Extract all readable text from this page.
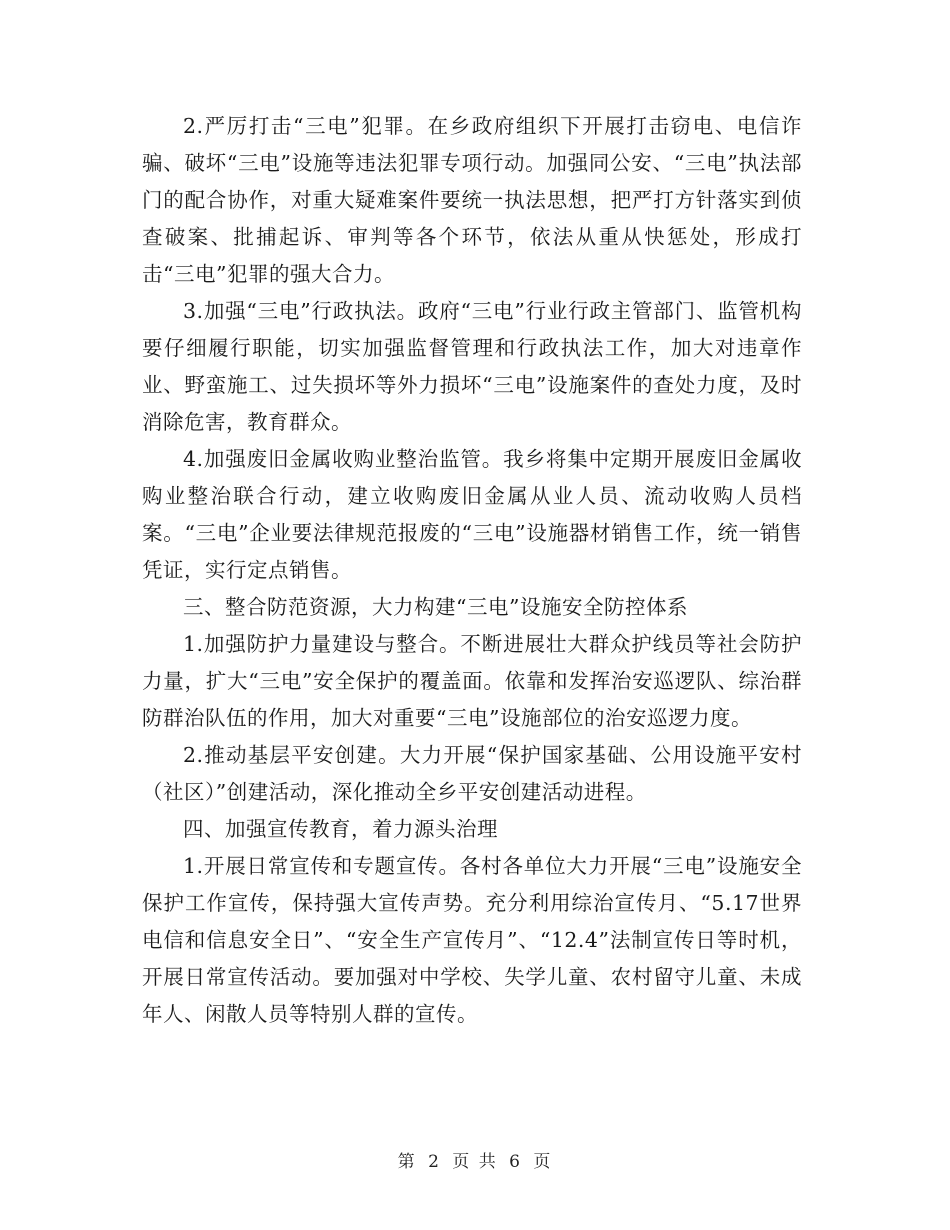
2.严厉打击“三电”犯罪。在乡政府组织下开展打击窃电、电信诈骗、破坏“三电”设施等违法犯罪专项行动。加强同公安、“三电”执法部门的配合协作，对重大疑难案件要统一执法思想，把严打方针落实到侦查破案、批捕起诉、审判等各个环节，依法从重从快惩处，形成打击“三电”犯罪的强大合力。

3.加强“三电”行政执法。政府“三电”行业行政主管部门、监管机构要仔细履行职能，切实加强监督管理和行政执法工作，加大对违章作业、野蛮施工、过失损坏等外力损坏“三电”设施案件的查处力度，及时消除危害，教育群众。

4.加强废旧金属收购业整治监管。我乡将集中定期开展废旧金属收购业整治联合行动，建立收购废旧金属从业人员、流动收购人员档案。“三电”企业要法律规范报废的“三电”设施器材销售工作，统一销售凭证，实行定点销售。

三、整合防范资源，大力构建“三电”设施安全防控体系

1.加强防护力量建设与整合。不断进展壮大群众护线员等社会防护力量，扩大“三电”安全保护的覆盖面。依靠和发挥治安巡逻队、综治群防群治队伍的作用，加大对重要“三电”设施部位的治安巡逻力度。

2.推动基层平安创建。大力开展“保护国家基础、公用设施平安村（社区）”创建活动，深化推动全乡平安创建活动进程。

四、加强宣传教育，着力源头治理

1.开展日常宣传和专题宣传。各村各单位大力开展“三电”设施安全保护工作宣传，保持强大宣传声势。充分利用综治宣传月、“5.17世界电信和信息安全日”、“安全生产宣传月”、“12.4”法制宣传日等时机，开展日常宣传活动。要加强对中学校、失学儿童、农村留守儿童、未成年人、闲散人员等特别人群的宣传。

第 2 页 共 6 页
